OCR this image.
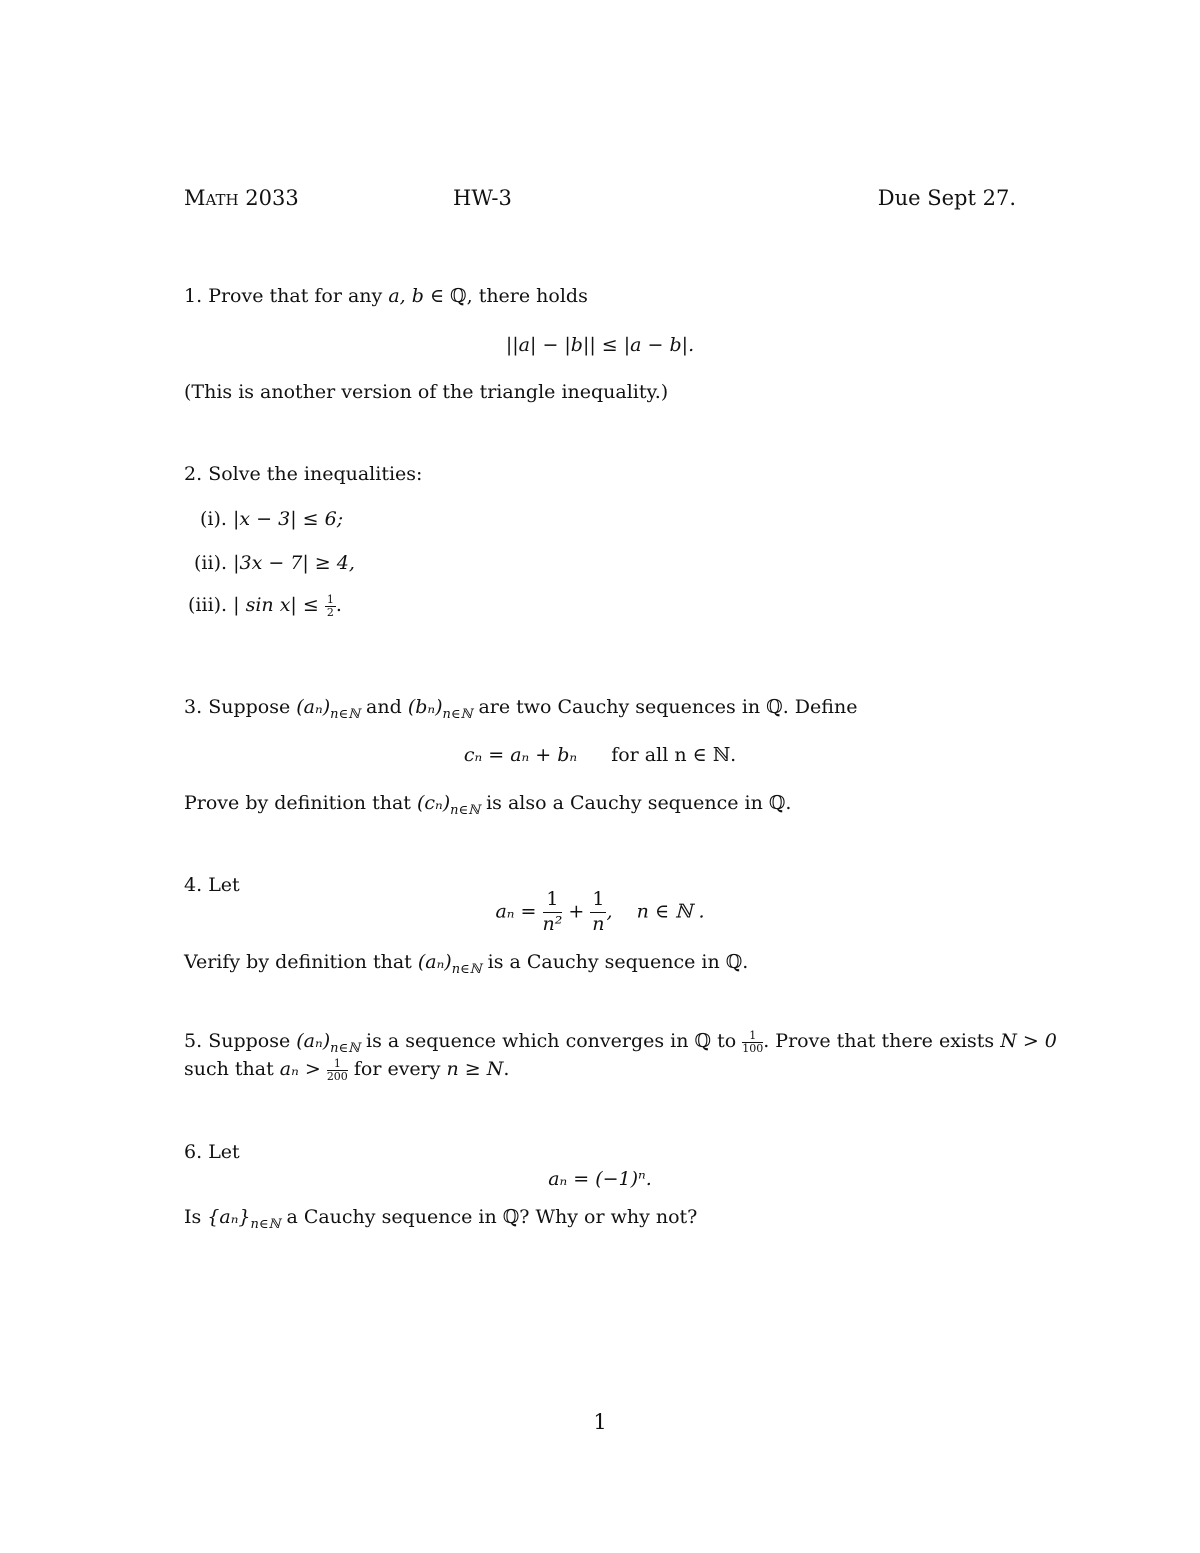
Math 2033	HW-3	Due Sept 27.
1. Prove that for any a, b ∈ ℚ, there holds
||a| − |b|| ≤ |a − b|.
(This is another version of the triangle inequality.)
2. Solve the inequalities:
(i). |x − 3| ≤ 6;
(ii). |3x − 7| ≥ 4,
(iii). | $\sin x| \le \frac{1}{2}$ .
3. Suppose $(a_n)_{n\in ℕ}$ and $(b_n)_{n\in ℕ}$ are two Cauchy sequences in ℚ. Define
cₙ = aₙ + bₙ for all n ∈ ℕ.
Prove by definition that $(c_n)_{n\in ℕ}$ is also a Cauchy sequence in ℚ.
4. Let
$a_n = \frac{1}{\text{n²}} + \frac{1}{n}$ ,    n ∈ ℕ .
Verify by definition that $(a_n)_{n\in ℕ}$ is a Cauchy sequence in ℚ.
5. Suppose $(a_n)_{n\in ℕ}$ is a sequence which converges in ℚ to $\frac{1}{100}$ . Prove that there exists N > 0
such that $a_n > \frac{1}{200}$ for every n ≥ N.
6. Let
aₙ = (−1)ⁿ.
Is $\{a_n\}_{n\in ℕ}$ a Cauchy sequence in ℚ? Why or why not?
1
